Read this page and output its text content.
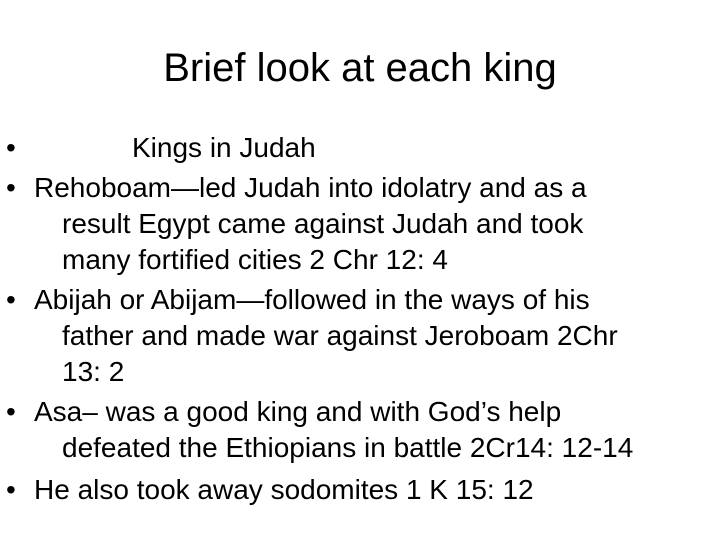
Brief look at each king
•	Kings in Judah
• Rehoboam—led Judah into idolatry and as a
result Egypt came against Judah and took
many fortified cities 2 Chr 12: 4
• Abijah or Abijam—followed in the ways of his
father and made war against Jeroboam 2Chr
13: 2
• Asa– was a good king and with God’s help
defeated the Ethiopians in battle 2Cr14: 12-14
• He also took away sodomites 1 K 15: 12
